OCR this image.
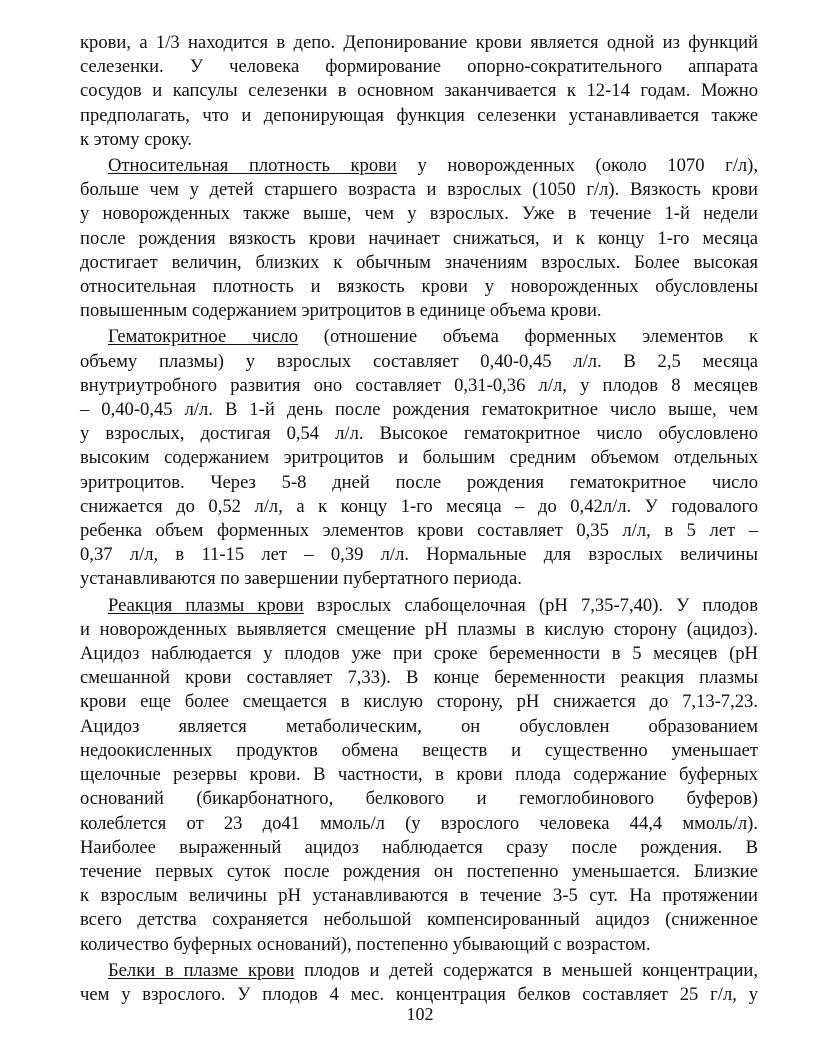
крови, а 1/3 находится в депо. Депонирование крови является одной из функций
селезенки. У человека формирование опорно-сократительного аппарата
сосудов и капсулы селезенки в основном заканчивается к 12-14 годам. Можно
предполагать, что и депонирующая функция селезенки устанавливается также
к этому сроку.

Относительная плотность крови у новорожденных (около 1070 г/л),
больше чем у детей старшего возраста и взрослых (1050 г/л). Вязкость крови
у новорожденных также выше, чем у взрослых. Уже в течение 1-й недели
после рождения вязкость крови начинает снижаться, и к концу 1-го месяца
достигает величин, близких к обычным значениям взрослых. Более высокая
относительная плотность и вязкость крови у новорожденных обусловлены
повышенным содержанием эритроцитов в единице объема крови.

Гематокритное число (отношение объема форменных элементов к
объему плазмы) у взрослых составляет 0,40-0,45 л/л. В 2,5 месяца
внутриутробного развития оно составляет 0,31-0,36 л/л, у плодов 8 месяцев
– 0,40-0,45 л/л. В 1-й день после рождения гематокритное число выше, чем
у взрослых, достигая 0,54 л/л. Высокое гематокритное число обусловлено
высоким содержанием эритроцитов и большим средним объемом отдельных
эритроцитов. Через 5-8 дней после рождения гематокритное число
снижается до 0,52 л/л, а к концу 1-го месяца – до 0,42л/л. У годовалого
ребенка объем форменных элементов крови составляет 0,35 л/л, в 5 лет –
0,37 л/л, в 11-15 лет – 0,39 л/л. Нормальные для взрослых величины
устанавливаются по завершении пубертатного периода.

Реакция плазмы крови взрослых слабощелочная (pH 7,35-7,40). У плодов
и новорожденных выявляется смещение pH плазмы в кислую сторону (ацидоз).
Ацидоз наблюдается у плодов уже при сроке беременности в 5 месяцев (pH
смешанной крови составляет 7,33). В конце беременности реакция плазмы
крови еще более смещается в кислую сторону, pH снижается до 7,13-7,23.
Ацидоз является метаболическим, он обусловлен образованием
недоокисленных продуктов обмена веществ и существенно уменьшает
щелочные резервы крови. В частности, в крови плода содержание буферных
оснований (бикарбонатного, белкового и гемоглобинового буферов)
колеблется от 23 до41 ммоль/л (у взрослого человека 44,4 ммоль/л).
Наиболее выраженный ацидоз наблюдается сразу после рождения. В
течение первых суток после рождения он постепенно уменьшается. Близкие
к взрослым величины pH устанавливаются в течение 3-5 сут. На протяжении
всего детства сохраняется небольшой компенсированный ацидоз (сниженное
количество буферных оснований), постепенно убывающий с возрастом.

Белки в плазме крови плодов и детей содержатся в меньшей концентрации,
чем у взрослого. У плодов 4 мес. концентрация белков составляет 25 г/л, у

102
